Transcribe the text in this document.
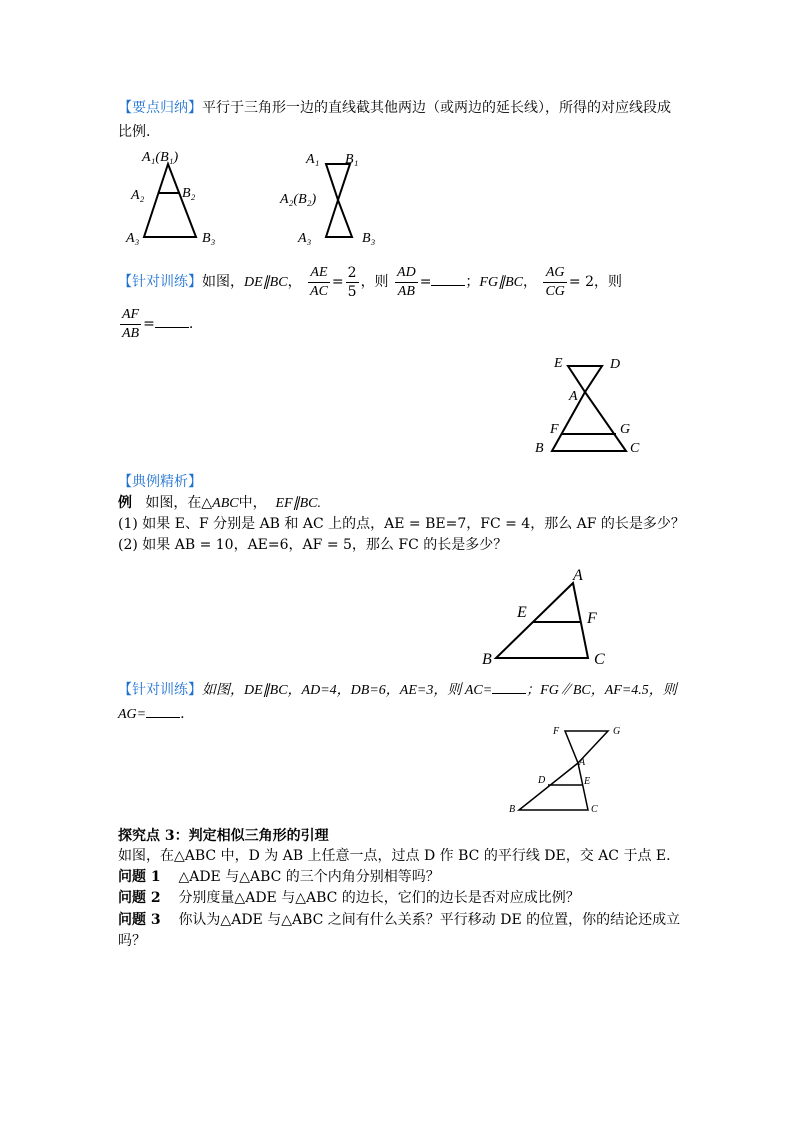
【要点归纳】平行于三角形一边的直线截其他两边（或两边的延长线），所得的对应线段成
比例.
A₁(B₁)
A₂	B₂
A₃	B₃
A₁ B₁
A₂(B₂)
A₃	B₃
【针对训练】如图，DE∥BC， $\frac{AE}{AC} = \frac{2}{5}$ ，则 $\frac{AD}{AB}$ = ；FG∥BC， $\frac{AG}{CG} = 2$，则
$\frac{AF}{AB}$ = .
E	D
A
F	G
B	C
【典例精析】
例 如图，在△ABC中， EF∥BC.
(1) 如果 E、F 分别是 AB 和 AC 上的点，AE = BE=7，FC = 4，那么 AF 的长是多少？
(2) 如果 AB = 10，AE=6，AF = 5，那么 FC 的长是多少？
A
E	F
B	C
【针对训练】如图，DE∥BC，AD=4，DB=6，AE=3，则 AC= ；FG∥BC，AF=4.5，则
AG= .
F	G
A
D	E
B	C
探究点 3：判定相似三角形的引理
如图，在△ABC 中，D 为 AB 上任意一点，过点 D 作 BC 的平行线 DE，交 AC 于点 E.
问题 1 △ADE 与△ABC 的三个内角分别相等吗？
问题 2 分别度量△ADE 与△ABC 的边长，它们的边长是否对应成比例？
问题 3 你认为△ADE 与△ABC 之间有什么关系？平行移动 DE 的位置，你的结论还成立
吗？
